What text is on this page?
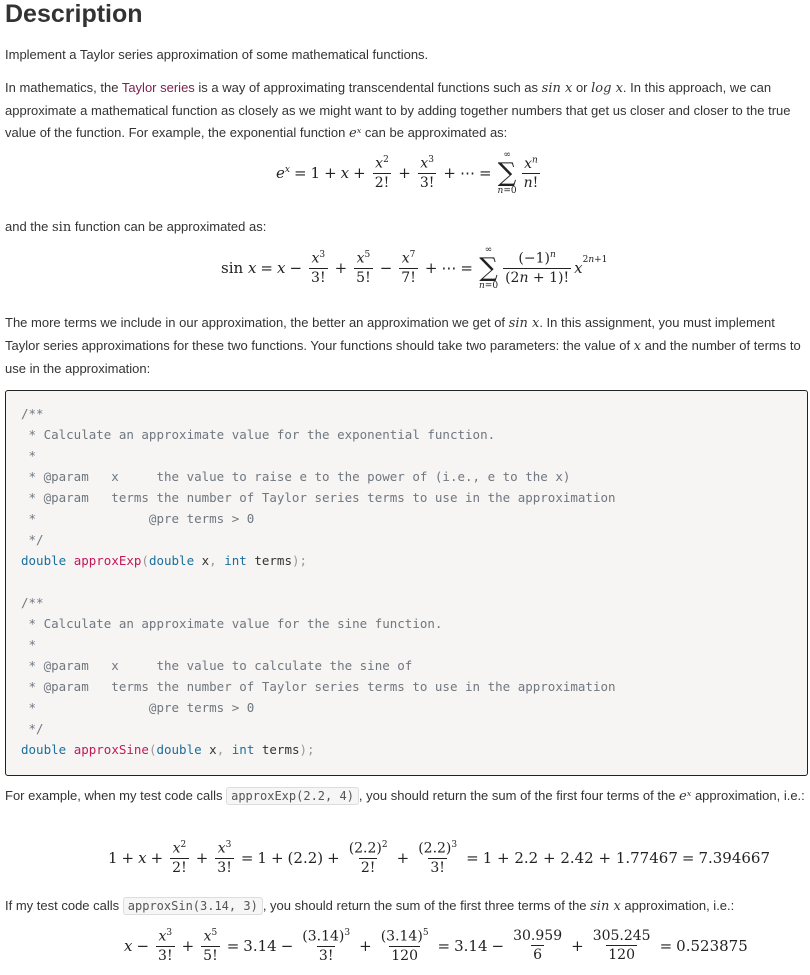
Description

Implement a Taylor series approximation of some mathematical functions.

In mathematics, the Taylor series is a way of approximating transcendental functions such as sin x or log x. In this approach, we can approximate a mathematical function as closely as we might want to by adding together numbers that get us closer and closer to the true value of the function. For example, the exponential function eˣ can be approximated as:

$e^x = 1 + x + \frac{x^2}{2!} + \frac{x^3}{3!}$ + ⋯ =
∞
∑
n=0
$\frac{x^n}{n!}$

and the sin function can be approximated as:

sin
$x = x - \frac{x^3}{3!} + \frac{x^5}{5!} - \frac{x^7}{7!}$ + ⋯ =
∞
∑
n=0
$\frac{(-1)^n}{(2n + 1)!} x^{2n+1}$

The more terms we include in our approximation, the better an approximation we get of sin x. In this assignment, you must implement Taylor series approximations for these two functions. Your functions should take two parameters: the value of x and the number of terms to use in the approximation:

/**
* Calculate an approximate value for the exponential function.
*
* @param   x     the value to raise e to the power of (i.e., e to the x)
* @param   terms the number of Taylor series terms to use in the approximation
*               @pre terms > 0
*/
double approxExp(double x, int terms);

/**
* Calculate an approximate value for the sine function.
*
* @param   x     the value to calculate the sine of
* @param   terms the number of Taylor series terms to use in the approximation
*               @pre terms > 0
*/
double approxSine(double x, int terms);

For example, when my test code calls approxExp(2.2, 4) , you should return the sum of the first four terms of the eˣ approximation, i.e.:

$1 + x + \frac{x^2}{2!} + \frac{x^3}{3!} = 1 + (2.2) + \frac{(2.2)^2}{2!} + \frac{(2.2)^3}{3!} = 1 + 2.2 + 2.42 + 1.77467 = 7.394667$

If my test code calls approxSin(3.14, 3) , you should return the sum of the first three terms of the sin x approximation, i.e.:

$x - \frac{x^3}{3!} + \frac{x^5}{5!} = 3.14 - \frac{(3.14)^3}{3!} + \frac{(3.14)^5}{120} = 3.14 - \frac{30.959}{6} + \frac{305.245}{120} = 0.523875$
